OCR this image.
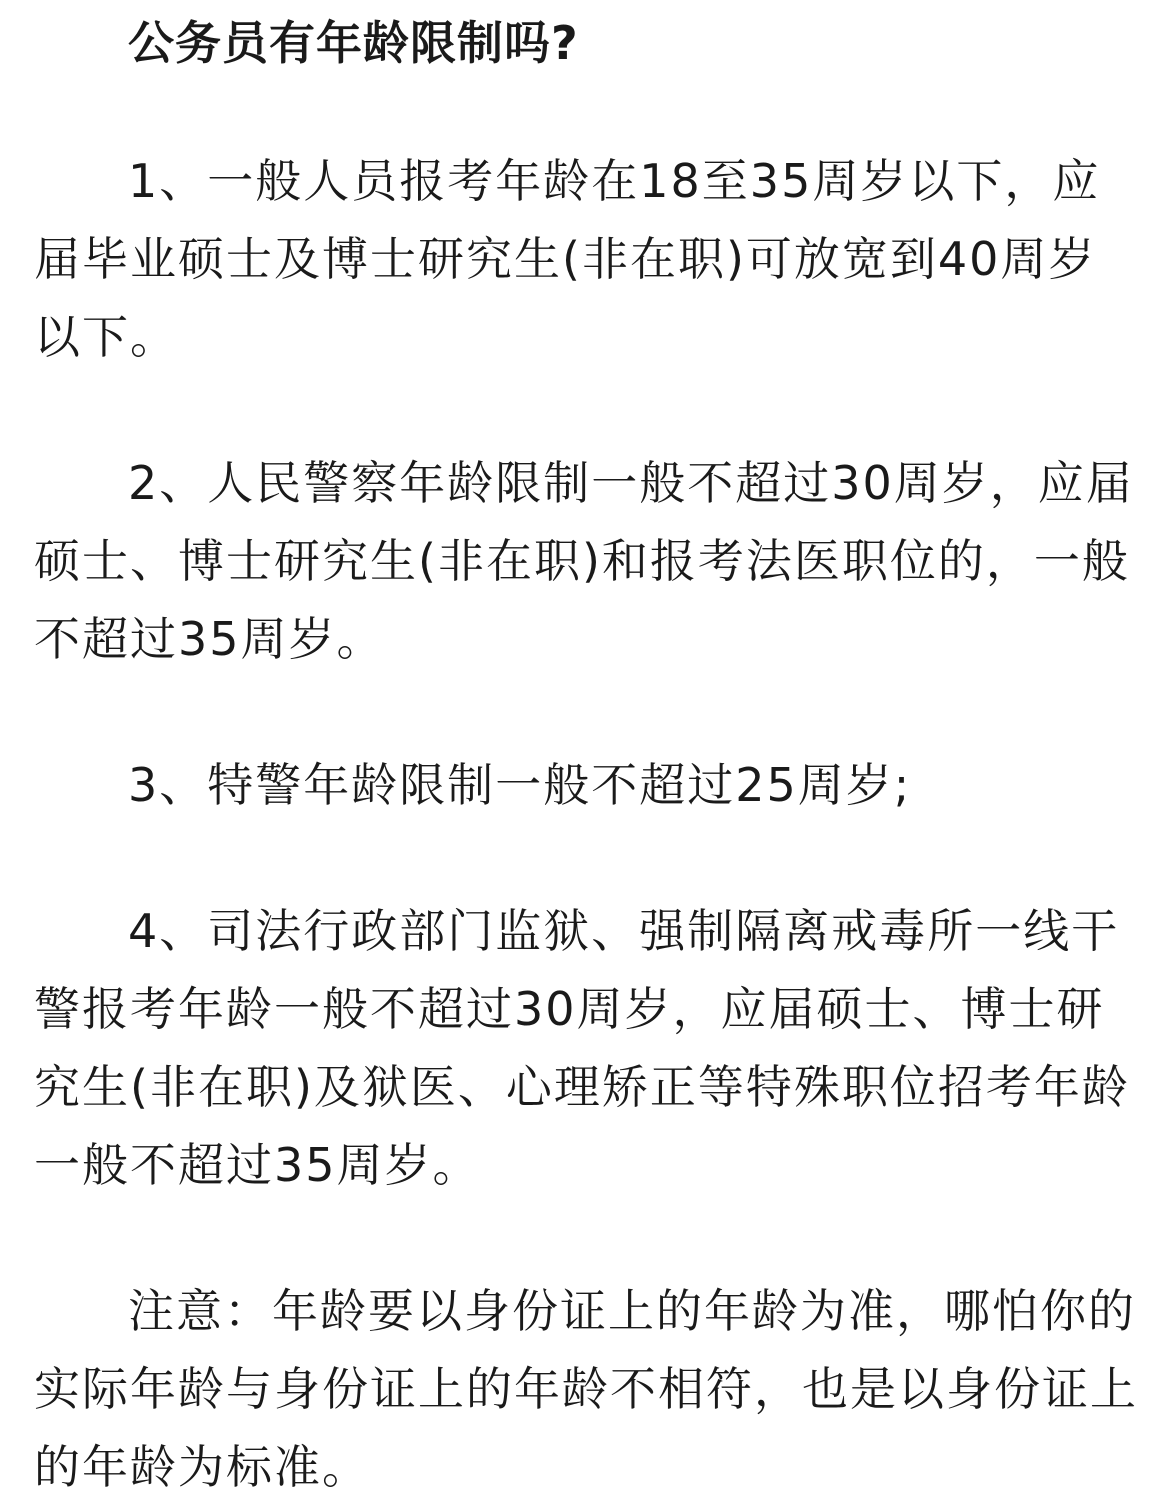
公务员有年龄限制吗?

1、一般人员报考年龄在18至35周岁以下，应届毕业硕士及博士研究生(非在职)可放宽到40周岁以下。

2、人民警察年龄限制一般不超过30周岁，应届硕士、博士研究生(非在职)和报考法医职位的，一般不超过35周岁。

3、特警年龄限制一般不超过25周岁;

4、司法行政部门监狱、强制隔离戒毒所一线干警报考年龄一般不超过30周岁，应届硕士、博士研究生(非在职)及狱医、心理矫正等特殊职位招考年龄一般不超过35周岁。

注意：年龄要以身份证上的年龄为准，哪怕你的实际年龄与身份证上的年龄不相符，也是以身份证上的年龄为标准。
